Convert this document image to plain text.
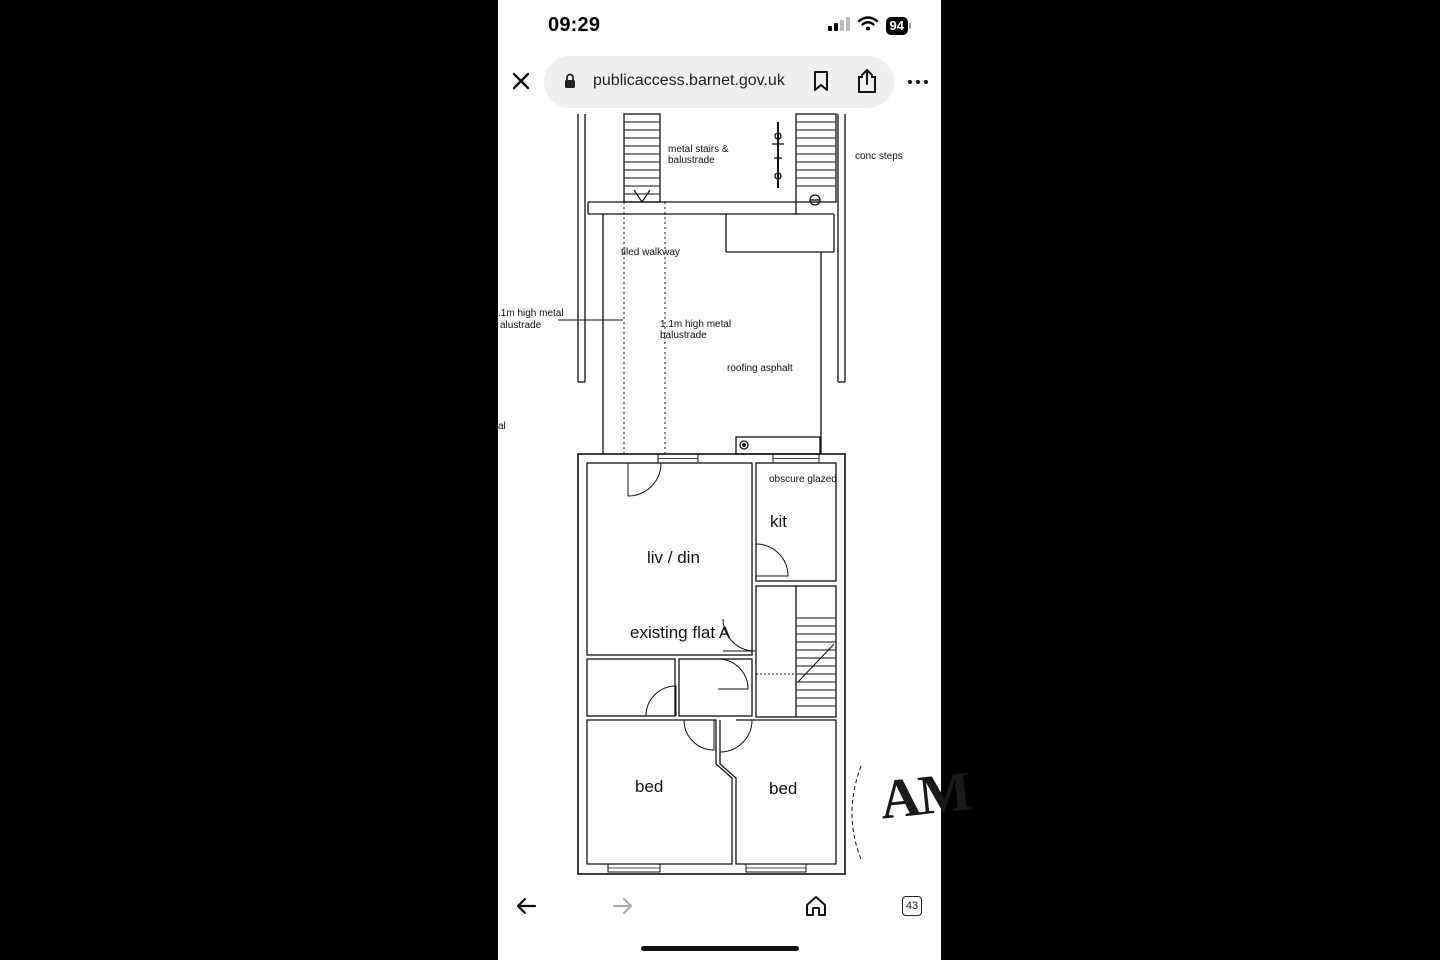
09:29	94
publicaccess.barnet.gov.uk
metal stairs &
balustrade	conc steps
tiled walkway
.1m high metal
alustrade	1.1m high metal
balustrade
roofing asphalt
al
obscure glazed
kit
liv / din
existing flat A
bed	bed AM
43
